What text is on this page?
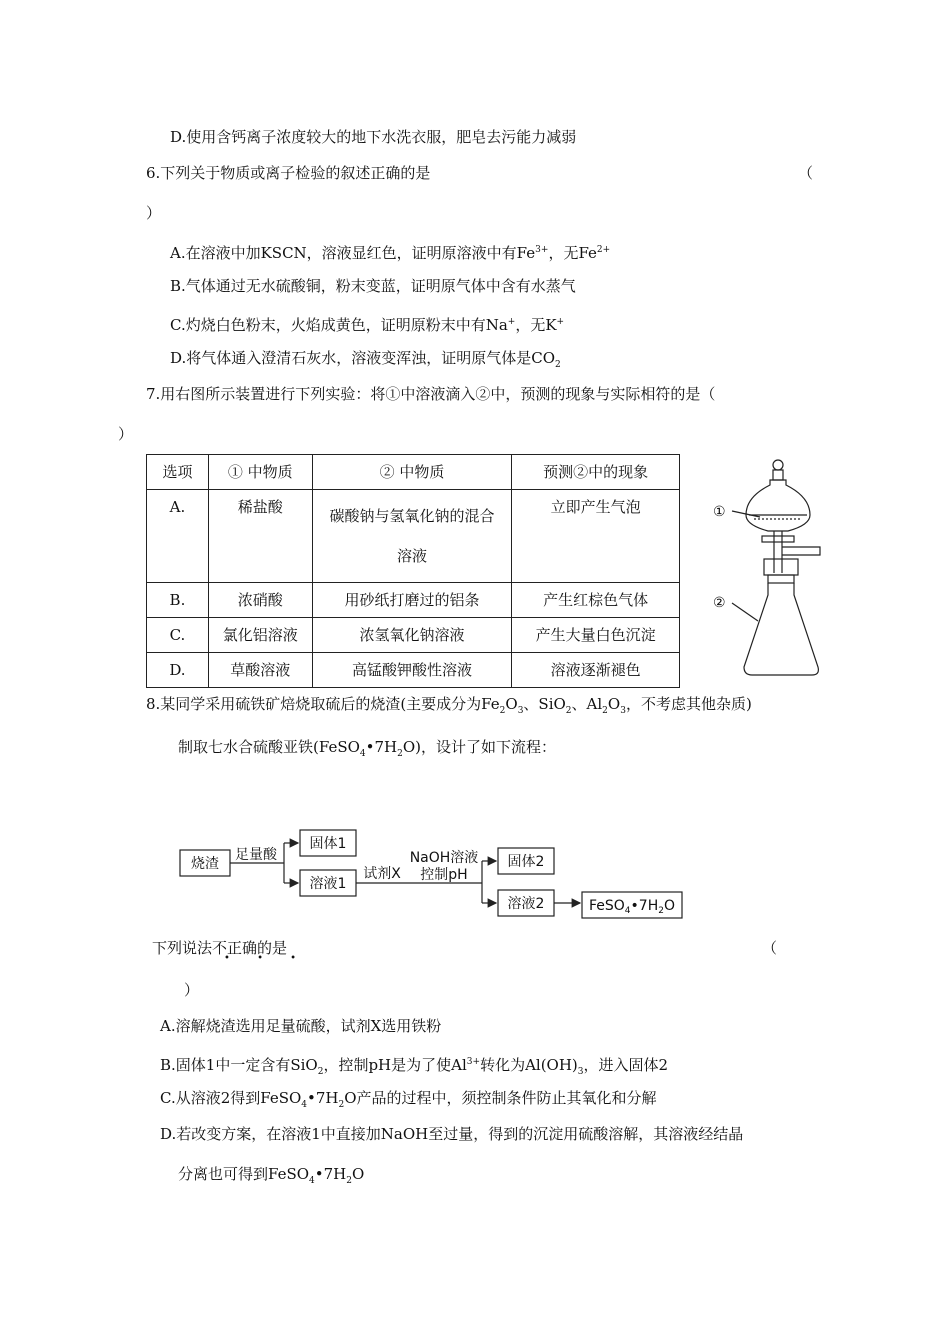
D.使用含钙离子浓度较大的地下水洗衣服，肥皂去污能力减弱
6.下列关于物质或离子检验的叙述正确的是	（
）
A.在溶液中加KSCN，溶液显红色，证明原溶液中有$Fe^{3+}$，无$Fe^{2+}$
B.气体通过无水硫酸铜，粉末变蓝，证明原气体中含有水蒸气
C.灼烧白色粉末，火焰成黄色，证明原粉末中有Na+，无K+
D.将气体通入澄清石灰水，溶液变浑浊，证明原气体是$CO_2$
7.用右图所示装置进行下列实验：将①中溶液滴入②中，预测的现象与实际相符的是（
）
选项	① 中物质	② 中物质	预测②中的现象
A.	稀盐酸	碳酸钠与氢氧化钠的混合溶液	立即产生气泡
B.	浓硝酸	用砂纸打磨过的铝条	产生红棕色气体
C.	氯化铝溶液	浓氢氧化钠溶液	产生大量白色沉淀
D.	草酸溶液	高锰酸钾酸性溶液	溶液逐渐褪色
①
②
8.某同学采用硫铁矿焙烧取硫后的烧渣(主要成分为$Fe_2O_3$、SiO$_2$、$Al_2O_3$，不考虑其他杂质)
制取七水合硫酸亚铁$(FeSO_4•7H_2O)$，设计了如下流程：
烧渣
足量酸
固体1
溶液1
试剂X
NaOH溶液
控制pH
固体2
溶液2	$FeSO_4•7H_2O$
下列说法不正确的是
• • •
（
）
A.溶解烧渣选用足量硫酸，试剂X选用铁粉
B.固体1中一定含有SiO$_2$，控制pH是为了使$Al^{3+}$转化为$Al(OH)_3$，进入固体2
C.从溶液2得到$FeSO_4•7H_2O$产品的过程中，须控制条件防止其氧化和分解
D.若改变方案，在溶液1中直接加NaOH至过量，得到的沉淀用硫酸溶解，其溶液经结晶
分离也可得到$FeSO_4•7H_2O$
